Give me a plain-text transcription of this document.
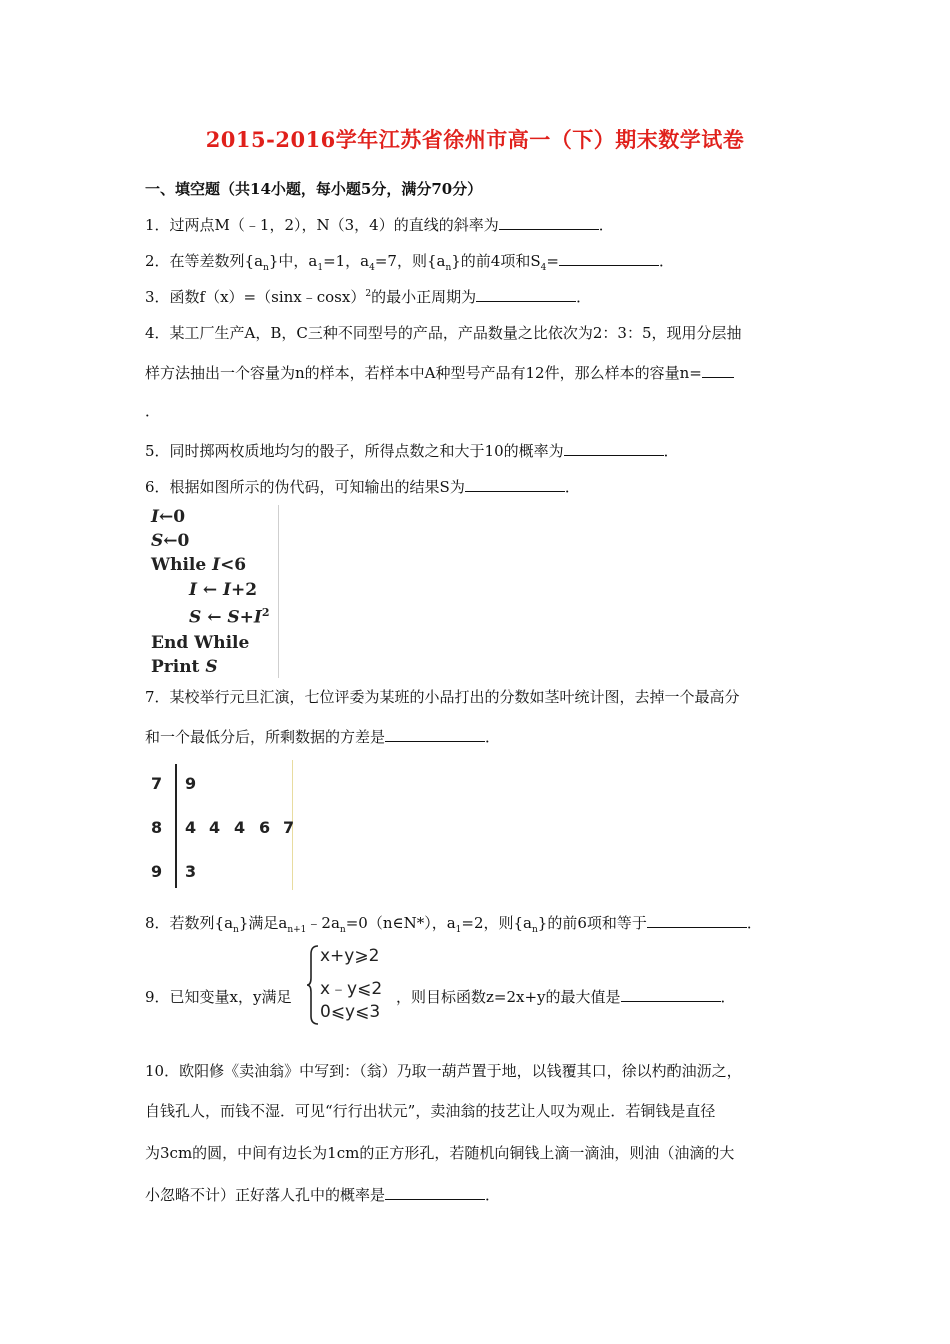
2015-2016学年江苏省徐州市高一（下）期末数学试卷
一、填空题（共14小题，每小题5分，满分70分）
1．过两点M（﹣1，2），N（3，4）的直线的斜率为	．
2．在等差数列$\{a_n\}$中，$a_1=1$，$a_4=7$，则$\{a_n\}$的前4项和$S_4=$	．
3．函数f（x）=（sinx﹣cosx）$^2$的最小正周期为	．
4．某工厂生产A，B，C三种不同型号的产品，产品数量之比依次为2：3：5，现用分层抽
样方法抽出一个容量为n的样本，若样本中A种型号产品有12件，那么样本的容量n=
．
5．同时掷两枚质地均匀的骰子，所得点数之和大于10的概率为	．
6．根据如图所示的伪代码，可知输出的结果S为	．
I←0
S←0
While I<6
I ← I+2
S ← $S+I^2$
End While
Print S
7．某校举行元旦汇演，七位评委为某班的小品打出的分数如茎叶统计图，去掉一个最高分
和一个最低分后，所剩数据的方差是	．
7 9
8 4 4 4 6 7
9 3
8．若数列$\{a_n\}$满足$a_{n+1}﹣2a_n=0(n\in N*)$，$a_1=2$，则$\{a_n\}$的前6项和等于	．
9．已知变量x，y满足
x+y⩾2
x﹣y⩽2
0⩽y⩽3
，则目标函数z=2x+y的最大值是	．
10．欧阳修《卖油翁》中写到：（翁）乃取一葫芦置于地，以钱覆其口，徐以杓酌油沥之，
自钱孔人，而钱不湿．可见“行行出状元”，卖油翁的技艺让人叹为观止．若铜钱是直径
为3cm的圆，中间有边长为1cm的正方形孔，若随机向铜钱上滴一滴油，则油（油滴的大
小忽略不计）正好落人孔中的概率是	．
